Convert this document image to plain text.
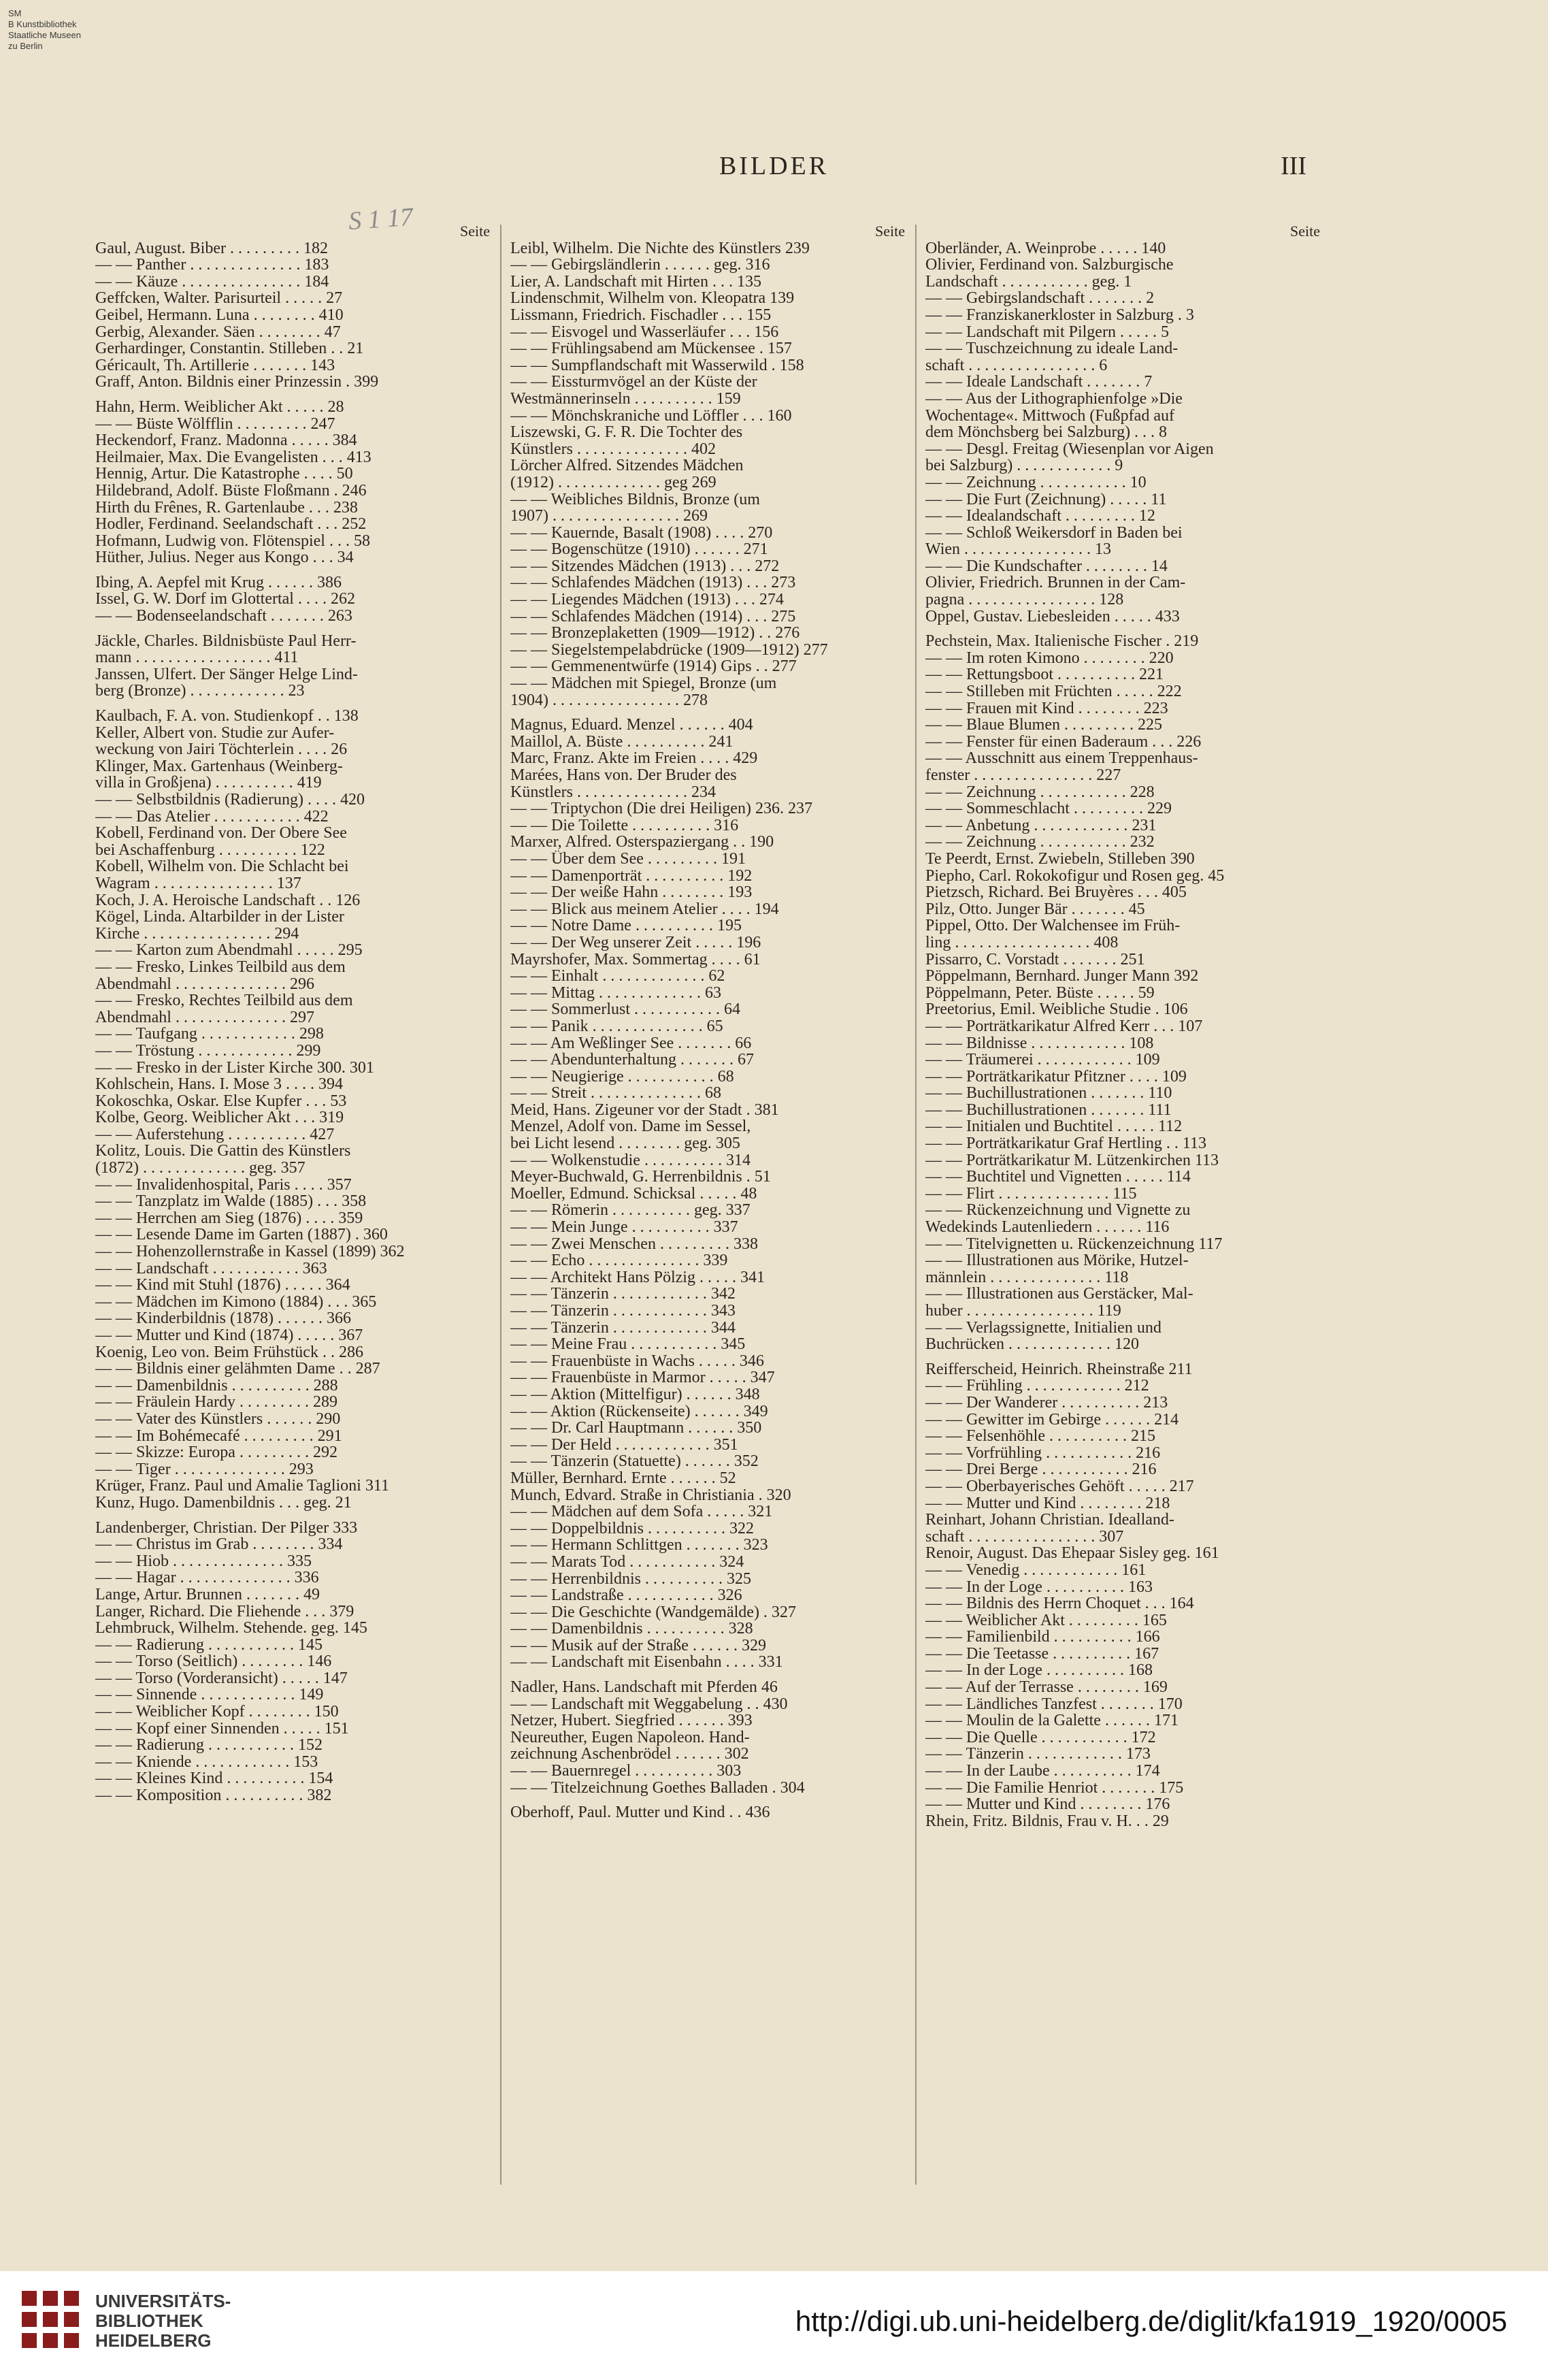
SM
B Kunstbibliothek
Staatliche Museen
zu Berlin
BILDER	III
S 1 17	Seite
Gaul, August. Biber . . . . . . . . . 182
— — Panther . . . . . . . . . . . . . . 183
— — Käuze . . . . . . . . . . . . . . . 184
Geffcken, Walter. Parisurteil . . . . . 27
Geibel, Hermann. Luna . . . . . . . . 410
Gerbig, Alexander. Säen . . . . . . . . 47
Gerhardinger, Constantin. Stilleben . . 21
Géricault, Th. Artillerie . . . . . . . 143
Graff, Anton. Bildnis einer Prinzessin . 399
Hahn, Herm. Weiblicher Akt . . . . . 28
— — Büste Wölfflin . . . . . . . . . 247
Heckendorf, Franz. Madonna . . . . . 384
Heilmaier, Max. Die Evangelisten . . . 413
Hennig, Artur. Die Katastrophe . . . . 50
Hildebrand, Adolf. Büste Floßmann . 246
Hirth du Frênes, R. Gartenlaube . . . 238
Hodler, Ferdinand. Seelandschaft . . . 252
Hofmann, Ludwig von. Flötenspiel . . . 58
Hüther, Julius. Neger aus Kongo . . . 34
Ibing, A. Aepfel mit Krug . . . . . . 386
Issel, G. W. Dorf im Glottertal . . . . 262
— — Bodenseelandschaft . . . . . . . 263
Jäckle, Charles. Bildnisbüste Paul Herr-
mann . . . . . . . . . . . . . . . . . 411
Janssen, Ulfert. Der Sänger Helge Lind-
berg (Bronze) . . . . . . . . . . . . 23
Kaulbach, F. A. von. Studienkopf . . 138
Keller, Albert von. Studie zur Aufer-
weckung von Jairi Töchterlein . . . . 26
Klinger, Max. Gartenhaus (Weinberg-
villa in Großjena) . . . . . . . . . . 419
— — Selbstbildnis (Radierung) . . . . 420
— — Das Atelier . . . . . . . . . . . 422
Kobell, Ferdinand von. Der Obere See
bei Aschaffenburg . . . . . . . . . . 122
Kobell, Wilhelm von. Die Schlacht bei
Wagram . . . . . . . . . . . . . . . 137
Koch, J. A. Heroische Landschaft . . 126
Kögel, Linda. Altarbilder in der Lister
Kirche . . . . . . . . . . . . . . . . 294
— — Karton zum Abendmahl . . . . . 295
— — Fresko, Linkes Teilbild aus dem
Abendmahl . . . . . . . . . . . . . . 296
— — Fresko, Rechtes Teilbild aus dem
Abendmahl . . . . . . . . . . . . . . 297
— — Taufgang . . . . . . . . . . . . 298
— — Tröstung . . . . . . . . . . . . 299
— — Fresko in der Lister Kirche 300. 301
Kohlschein, Hans. I. Mose 3 . . . . 394
Kokoschka, Oskar. Else Kupfer . . . 53
Kolbe, Georg. Weiblicher Akt . . . 319
— — Auferstehung . . . . . . . . . . 427
Kolitz, Louis. Die Gattin des Künstlers
(1872) . . . . . . . . . . . . . geg. 357
— — Invalidenhospital, Paris . . . . 357
— — Tanzplatz im Walde (1885) . . . 358
— — Herrchen am Sieg (1876) . . . . 359
— — Lesende Dame im Garten (1887) . 360
— — Hohenzollernstraße in Kassel (1899) 362
— — Landschaft . . . . . . . . . . . 363
— — Kind mit Stuhl (1876) . . . . . 364
— — Mädchen im Kimono (1884) . . . 365
— — Kinderbildnis (1878) . . . . . . 366
— — Mutter und Kind (1874) . . . . . 367
Koenig, Leo von. Beim Frühstück . . 286
— — Bildnis einer gelähmten Dame . . 287
— — Damenbildnis . . . . . . . . . . 288
— — Fräulein Hardy . . . . . . . . . 289
— — Vater des Künstlers . . . . . . 290
— — Im Bohémecafé . . . . . . . . . 291
— — Skizze: Europa . . . . . . . . . 292
— — Tiger . . . . . . . . . . . . . . 293
Krüger, Franz. Paul und Amalie Taglioni 311
Kunz, Hugo. Damenbildnis . . . geg. 21
Landenberger, Christian. Der Pilger 333
— — Christus im Grab . . . . . . . . 334
— — Hiob . . . . . . . . . . . . . . 335
— — Hagar . . . . . . . . . . . . . . 336
Lange, Artur. Brunnen . . . . . . . 49
Langer, Richard. Die Fliehende . . . 379
Lehmbruck, Wilhelm. Stehende. geg. 145
— — Radierung . . . . . . . . . . . 145
— — Torso (Seitlich) . . . . . . . . 146
— — Torso (Vorderansicht) . . . . . 147
— — Sinnende . . . . . . . . . . . . 149
— — Weiblicher Kopf . . . . . . . . 150
— — Kopf einer Sinnenden . . . . . 151
— — Radierung . . . . . . . . . . . 152
— — Kniende . . . . . . . . . . . . 153
— — Kleines Kind . . . . . . . . . . 154
— — Komposition . . . . . . . . . . 382
Seite
Leibl, Wilhelm. Die Nichte des Künstlers 239
— — Gebirgsländlerin . . . . . . geg. 316
Lier, A. Landschaft mit Hirten . . . 135
Lindenschmit, Wilhelm von. Kleopatra 139
Lissmann, Friedrich. Fischadler . . . 155
— — Eisvogel und Wasserläufer . . . 156
— — Frühlingsabend am Mückensee . 157
— — Sumpflandschaft mit Wasserwild . 158
— — Eissturmvögel an der Küste der
Westmännerinseln . . . . . . . . . . 159
— — Mönchskraniche und Löffler . . . 160
Liszewski, G. F. R. Die Tochter des
Künstlers . . . . . . . . . . . . . . 402
Lörcher Alfred. Sitzendes Mädchen
(1912) . . . . . . . . . . . . . geg 269
— — Weibliches Bildnis, Bronze (um
1907) . . . . . . . . . . . . . . . . 269
— — Kauernde, Basalt (1908) . . . . 270
— — Bogenschütze (1910) . . . . . . 271
— — Sitzendes Mädchen (1913) . . . 272
— — Schlafendes Mädchen (1913) . . . 273
— — Liegendes Mädchen (1913) . . . 274
— — Schlafendes Mädchen (1914) . . . 275
— — Bronzeplaketten (1909—1912) . . 276
— — Siegelstempelabdrücke (1909—1912) 277
— — Gemmenentwürfe (1914) Gips . . 277
— — Mädchen mit Spiegel, Bronze (um
1904) . . . . . . . . . . . . . . . . 278
Magnus, Eduard. Menzel . . . . . . 404
Maillol, A. Büste . . . . . . . . . . 241
Marc, Franz. Akte im Freien . . . . 429
Marées, Hans von. Der Bruder des
Künstlers . . . . . . . . . . . . . . 234
— — Triptychon (Die drei Heiligen) 236. 237
— — Die Toilette . . . . . . . . . . 316
Marxer, Alfred. Osterspaziergang . . 190
— — Über dem See . . . . . . . . . 191
— — Damenporträt . . . . . . . . . . 192
— — Der weiße Hahn . . . . . . . . 193
— — Blick aus meinem Atelier . . . . 194
— — Notre Dame . . . . . . . . . . 195
— — Der Weg unserer Zeit . . . . . 196
Mayrshofer, Max. Sommertag . . . . 61
— — Einhalt . . . . . . . . . . . . . 62
— — Mittag . . . . . . . . . . . . . 63
— — Sommerlust . . . . . . . . . . . 64
— — Panik . . . . . . . . . . . . . . 65
— — Am Weßlinger See . . . . . . . 66
— — Abendunterhaltung . . . . . . . 67
— — Neugierige . . . . . . . . . . . 68
— — Streit . . . . . . . . . . . . . . 68
Meid, Hans. Zigeuner vor der Stadt . 381
Menzel, Adolf von. Dame im Sessel,
bei Licht lesend . . . . . . . . geg. 305
— — Wolkenstudie . . . . . . . . . . 314
Meyer-Buchwald, G. Herrenbildnis . 51
Moeller, Edmund. Schicksal . . . . . 48
— — Römerin . . . . . . . . . . geg. 337
— — Mein Junge . . . . . . . . . . 337
— — Zwei Menschen . . . . . . . . . 338
— — Echo . . . . . . . . . . . . . . 339
— — Architekt Hans Pölzig . . . . . 341
— — Tänzerin . . . . . . . . . . . . 342
— — Tänzerin . . . . . . . . . . . . 343
— — Tänzerin . . . . . . . . . . . . 344
— — Meine Frau . . . . . . . . . . . 345
— — Frauenbüste in Wachs . . . . . 346
— — Frauenbüste in Marmor . . . . . 347
— — Aktion (Mittelfigur) . . . . . . 348
— — Aktion (Rückenseite) . . . . . . 349
— — Dr. Carl Hauptmann . . . . . . 350
— — Der Held . . . . . . . . . . . . 351
— — Tänzerin (Statuette) . . . . . . 352
Müller, Bernhard. Ernte . . . . . . 52
Munch, Edvard. Straße in Christiania . 320
— — Mädchen auf dem Sofa . . . . . 321
— — Doppelbildnis . . . . . . . . . . 322
— — Hermann Schlittgen . . . . . . . 323
— — Marats Tod . . . . . . . . . . . 324
— — Herrenbildnis . . . . . . . . . . 325
— — Landstraße . . . . . . . . . . . 326
— — Die Geschichte (Wandgemälde) . 327
— — Damenbildnis . . . . . . . . . . 328
— — Musik auf der Straße . . . . . . 329
— — Landschaft mit Eisenbahn . . . . 331
Nadler, Hans. Landschaft mit Pferden 46
— — Landschaft mit Weggabelung . . 430
Netzer, Hubert. Siegfried . . . . . . 393
Neureuther, Eugen Napoleon. Hand-
zeichnung Aschenbrödel . . . . . . 302
— — Bauernregel . . . . . . . . . . 303
— — Titelzeichnung Goethes Balladen . 304
Oberhoff, Paul. Mutter und Kind . . 436
Seite
Oberländer, A. Weinprobe . . . . . 140
Olivier, Ferdinand von. Salzburgische
Landschaft . . . . . . . . . . . geg. 1
— — Gebirgslandschaft . . . . . . . 2
— — Franziskanerkloster in Salzburg . 3
— — Landschaft mit Pilgern . . . . . 5
— — Tuschzeichnung zu ideale Land-
schaft . . . . . . . . . . . . . . . . 6
— — Ideale Landschaft . . . . . . . 7
— — Aus der Lithographienfolge »Die
Wochentage«. Mittwoch (Fußpfad auf
dem Mönchsberg bei Salzburg) . . . 8
— — Desgl. Freitag (Wiesenplan vor Aigen
bei Salzburg) . . . . . . . . . . . . 9
— — Zeichnung . . . . . . . . . . . 10
— — Die Furt (Zeichnung) . . . . . 11
— — Idealandschaft . . . . . . . . . 12
— — Schloß Weikersdorf in Baden bei
Wien . . . . . . . . . . . . . . . . 13
— — Die Kundschafter . . . . . . . . 14
Olivier, Friedrich. Brunnen in der Cam-
pagna . . . . . . . . . . . . . . . . 128
Oppel, Gustav. Liebesleiden . . . . . 433
Pechstein, Max. Italienische Fischer . 219
— — Im roten Kimono . . . . . . . . 220
— — Rettungsboot . . . . . . . . . . 221
— — Stilleben mit Früchten . . . . . 222
— — Frauen mit Kind . . . . . . . . 223
— — Blaue Blumen . . . . . . . . . 225
— — Fenster für einen Baderaum . . . 226
— — Ausschnitt aus einem Treppenhaus-
fenster . . . . . . . . . . . . . . . 227
— — Zeichnung . . . . . . . . . . . 228
— — Sommeschlacht . . . . . . . . . 229
— — Anbetung . . . . . . . . . . . . 231
— — Zeichnung . . . . . . . . . . . 232
Te Peerdt, Ernst. Zwiebeln, Stilleben 390
Piepho, Carl. Rokokofigur und Rosen geg. 45
Pietzsch, Richard. Bei Bruyères . . . 405
Pilz, Otto. Junger Bär . . . . . . . 45
Pippel, Otto. Der Walchensee im Früh-
ling . . . . . . . . . . . . . . . . . 408
Pissarro, C. Vorstadt . . . . . . . 251
Pöppelmann, Bernhard. Junger Mann 392
Pöppelmann, Peter. Büste . . . . . 59
Preetorius, Emil. Weibliche Studie . 106
— — Porträtkarikatur Alfred Kerr . . . 107
— — Bildnisse . . . . . . . . . . . . 108
— — Träumerei . . . . . . . . . . . . 109
— — Porträtkarikatur Pfitzner . . . . 109
— — Buchillustrationen . . . . . . . 110
— — Buchillustrationen . . . . . . . 111
— — Initialen und Buchtitel . . . . . 112
— — Porträtkarikatur Graf Hertling . . 113
— — Porträtkarikatur M. Lützenkirchen 113
— — Buchtitel und Vignetten . . . . . 114
— — Flirt . . . . . . . . . . . . . . 115
— — Rückenzeichnung und Vignette zu
Wedekinds Lautenliedern . . . . . . 116
— — Titelvignetten u. Rückenzeichnung 117
— — Illustrationen aus Mörike, Hutzel-
männlein . . . . . . . . . . . . . . 118
— — Illustrationen aus Gerstäcker, Mal-
huber . . . . . . . . . . . . . . . . 119
— — Verlagssignette, Initialien und
Buchrücken . . . . . . . . . . . . . 120
Reifferscheid, Heinrich. Rheinstraße 211
— — Frühling . . . . . . . . . . . . 212
— — Der Wanderer . . . . . . . . . . 213
— — Gewitter im Gebirge . . . . . . 214
— — Felsenhöhle . . . . . . . . . . 215
— — Vorfrühling . . . . . . . . . . . 216
— — Drei Berge . . . . . . . . . . . 216
— — Oberbayerisches Gehöft . . . . . 217
— — Mutter und Kind . . . . . . . . 218
Reinhart, Johann Christian. Idealland-
schaft . . . . . . . . . . . . . . . . 307
Renoir, August. Das Ehepaar Sisley geg. 161
— — Venedig . . . . . . . . . . . . 161
— — In der Loge . . . . . . . . . . 163
— — Bildnis des Herrn Choquet . . . 164
— — Weiblicher Akt . . . . . . . . . 165
— — Familienbild . . . . . . . . . . 166
— — Die Teetasse . . . . . . . . . . 167
— — In der Loge . . . . . . . . . . 168
— — Auf der Terrasse . . . . . . . . 169
— — Ländliches Tanzfest . . . . . . . 170
— — Moulin de la Galette . . . . . . 171
— — Die Quelle . . . . . . . . . . . 172
— — Tänzerin . . . . . . . . . . . . 173
— — In der Laube . . . . . . . . . . 174
— — Die Familie Henriot . . . . . . . 175
— — Mutter und Kind . . . . . . . . 176
Rhein, Fritz. Bildnis, Frau v. H. . . 29
UNIVERSITÄTS-
BIBLIOTHEK
HEIDELBERG
http://digi.ub.uni-heidelberg.de/diglit/kfa1919_1920/0005
